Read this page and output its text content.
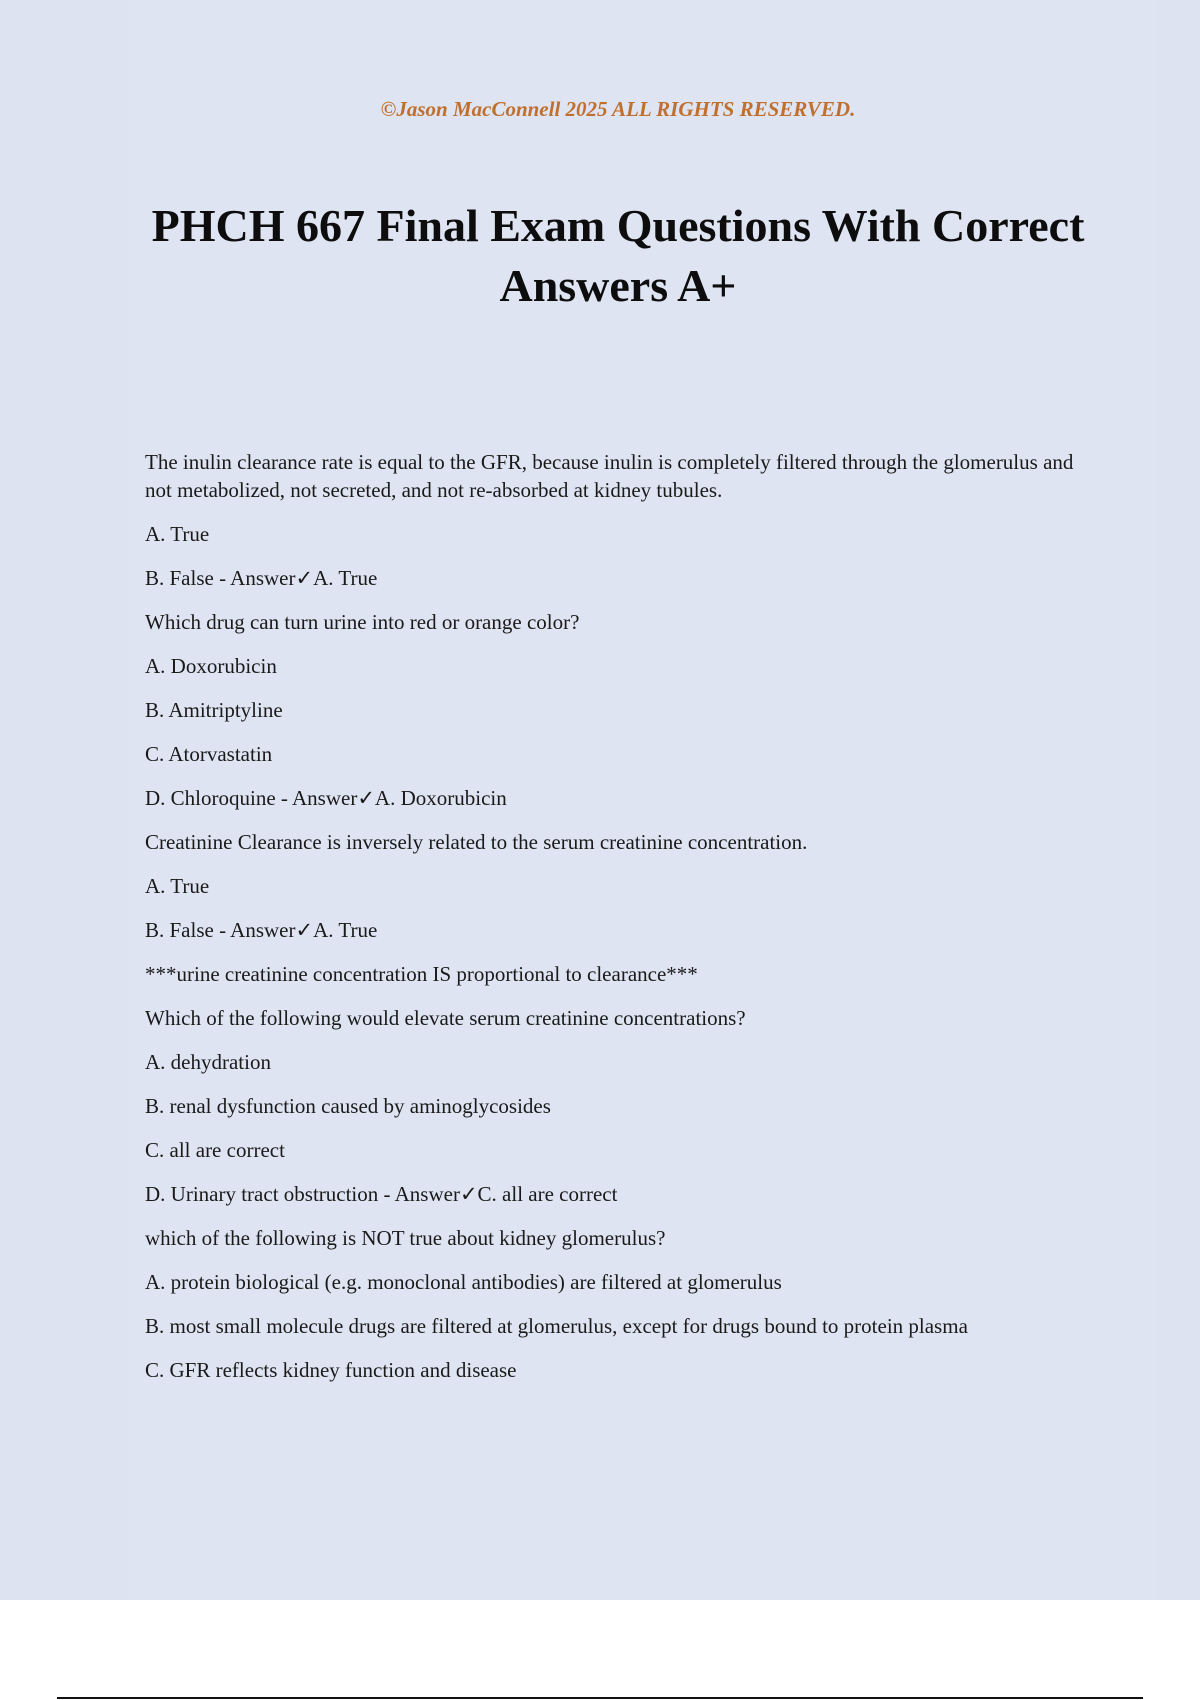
©Jason MacConnell 2025 ALL RIGHTS RESERVED.

PHCH 667 Final Exam Questions With Correct Answers A+

The inulin clearance rate is equal to the GFR, because inulin is completely filtered through the glomerulus and not metabolized, not secreted, and not re-absorbed at kidney tubules.

A. True

B. False - Answer✓A. True

Which drug can turn urine into red or orange color?

A. Doxorubicin

B. Amitriptyline

C. Atorvastatin

D. Chloroquine - Answer✓A. Doxorubicin

Creatinine Clearance is inversely related to the serum creatinine concentration.

A. True

B. False - Answer✓A. True

***urine creatinine concentration IS proportional to clearance***

Which of the following would elevate serum creatinine concentrations?

A. dehydration

B. renal dysfunction caused by aminoglycosides

C. all are correct

D. Urinary tract obstruction - Answer✓C. all are correct

which of the following is NOT true about kidney glomerulus?

A. protein biological (e.g. monoclonal antibodies) are filtered at glomerulus

B. most small molecule drugs are filtered at glomerulus, except for drugs bound to protein plasma

C. GFR reflects kidney function and disease
